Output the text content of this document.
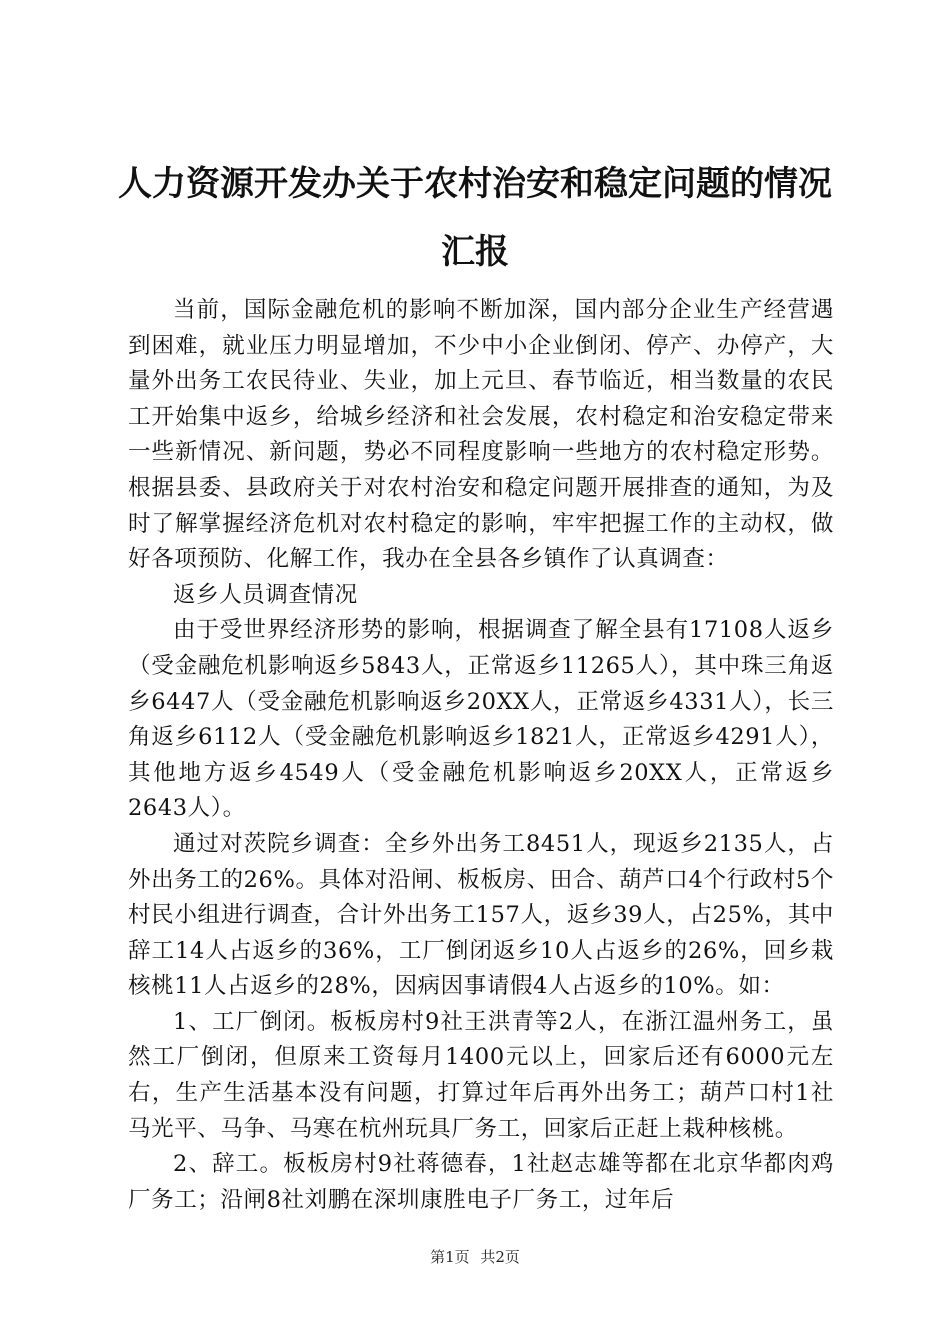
人力资源开发办关于农村治安和稳定问题的情况汇报

当前，国际金融危机的影响不断加深，国内部分企业生产经营遇到困难，就业压力明显增加，不少中小企业倒闭、停产、办停产，大量外出务工农民待业、失业，加上元旦、春节临近，相当数量的农民工开始集中返乡，给城乡经济和社会发展，农村稳定和治安稳定带来一些新情况、新问题，势必不同程度影响一些地方的农村稳定形势。根据县委、县政府关于对农村治安和稳定问题开展排查的通知，为及时了解掌握经济危机对农村稳定的影响，牢牢把握工作的主动权，做好各项预防、化解工作，我办在全县各乡镇作了认真调查：

返乡人员调查情况

由于受世界经济形势的影响，根据调查了解全县有17108人返乡（受金融危机影响返乡5843人，正常返乡11265人），其中珠三角返乡6447人（受金融危机影响返乡20XX人，正常返乡4331人），长三角返乡6112人（受金融危机影响返乡1821人，正常返乡4291人），其他地方返乡4549人（受金融危机影响返乡20XX人，正常返乡2643人）。

通过对茨院乡调查：全乡外出务工8451人，现返乡2135人，占外出务工的26%。具体对沿闸、板板房、田合、葫芦口4个行政村5个村民小组进行调查，合计外出务工157人，返乡39人，占25%，其中辞工14人占返乡的36%，工厂倒闭返乡10人占返乡的26%，回乡栽核桃11人占返乡的28%，因病因事请假4人占返乡的10%。如：

1、工厂倒闭。板板房村9社王洪青等2人，在浙江温州务工，虽然工厂倒闭，但原来工资每月1400元以上，回家后还有6000元左右，生产生活基本没有问题，打算过年后再外出务工；葫芦口村1社马光平、马争、马寒在杭州玩具厂务工，回家后正赶上栽种核桃。

2、辞工。板板房村9社蒋德春，1社赵志雄等都在北京华都肉鸡厂务工；沿闸8社刘鹏在深圳康胜电子厂务工，过年后

第1页 共2页
